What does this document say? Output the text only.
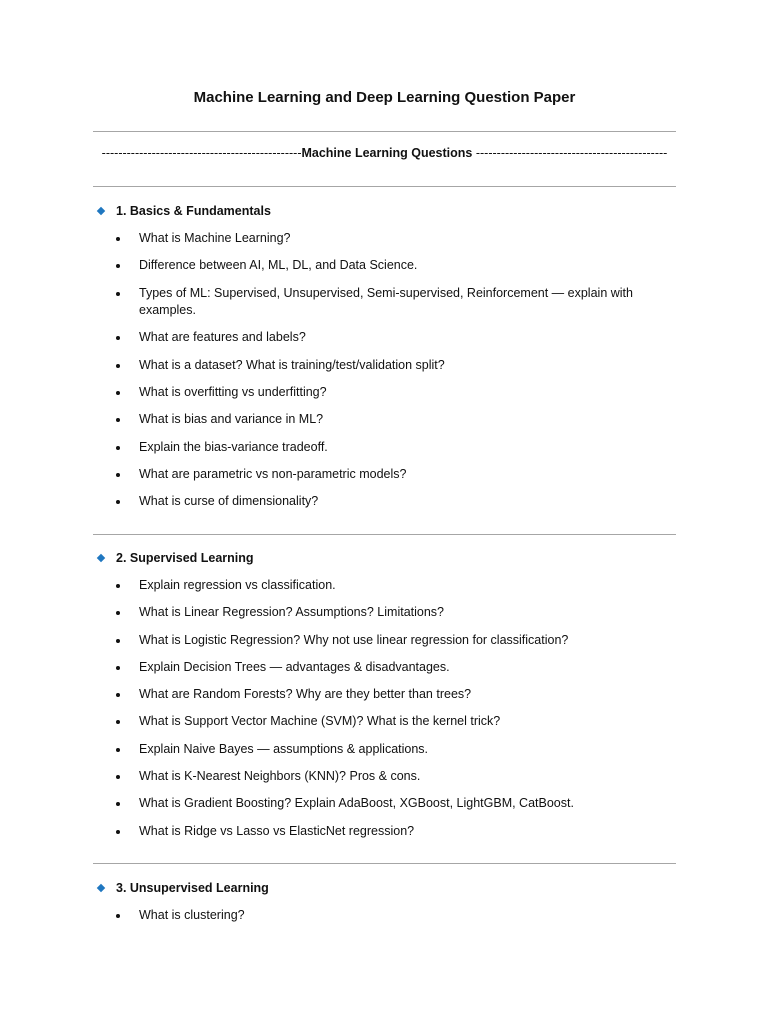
Machine Learning and Deep Learning Question Paper
------------------------------------------------Machine Learning Questions ----------------------------------------------
1. Basics & Fundamentals
What is Machine Learning?
Difference between AI, ML, DL, and Data Science.
Types of ML: Supervised, Unsupervised, Semi-supervised, Reinforcement — explain with examples.
What are features and labels?
What is a dataset? What is training/test/validation split?
What is overfitting vs underfitting?
What is bias and variance in ML?
Explain the bias-variance tradeoff.
What are parametric vs non-parametric models?
What is curse of dimensionality?
2. Supervised Learning
Explain regression vs classification.
What is Linear Regression? Assumptions? Limitations?
What is Logistic Regression? Why not use linear regression for classification?
Explain Decision Trees — advantages & disadvantages.
What are Random Forests? Why are they better than trees?
What is Support Vector Machine (SVM)? What is the kernel trick?
Explain Naive Bayes — assumptions & applications.
What is K-Nearest Neighbors (KNN)? Pros & cons.
What is Gradient Boosting? Explain AdaBoost, XGBoost, LightGBM, CatBoost.
What is Ridge vs Lasso vs ElasticNet regression?
3. Unsupervised Learning
What is clustering?
